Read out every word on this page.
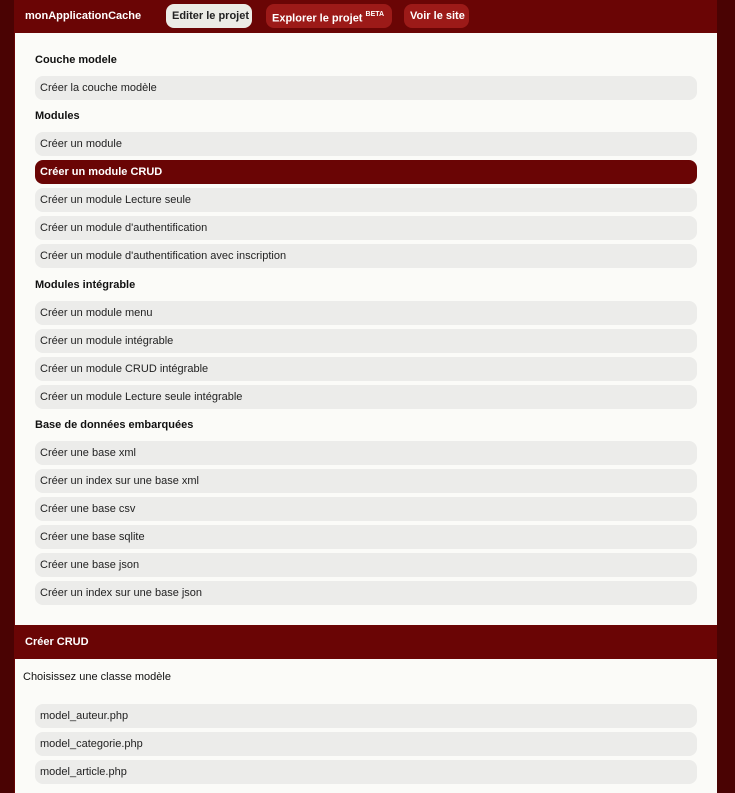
monApplicationCache	Editer le projet	Explorer le projet $^{BETA}$	Voir le site
Couche modele
Créer la couche modèle
Modules
Créer un module
Créer un module CRUD
Créer un module Lecture seule
Créer un module d'authentification
Créer un module d'authentification avec inscription
Modules intégrable
Créer un module menu
Créer un module intégrable
Créer un module CRUD intégrable
Créer un module Lecture seule intégrable
Base de données embarquées
Créer une base xml
Créer un index sur une base xml
Créer une base csv
Créer une base sqlite
Créer une base json
Créer un index sur une base json
Créer CRUD
Choisissez une classe modèle
model_auteur.php
model_categorie.php
model_article.php
